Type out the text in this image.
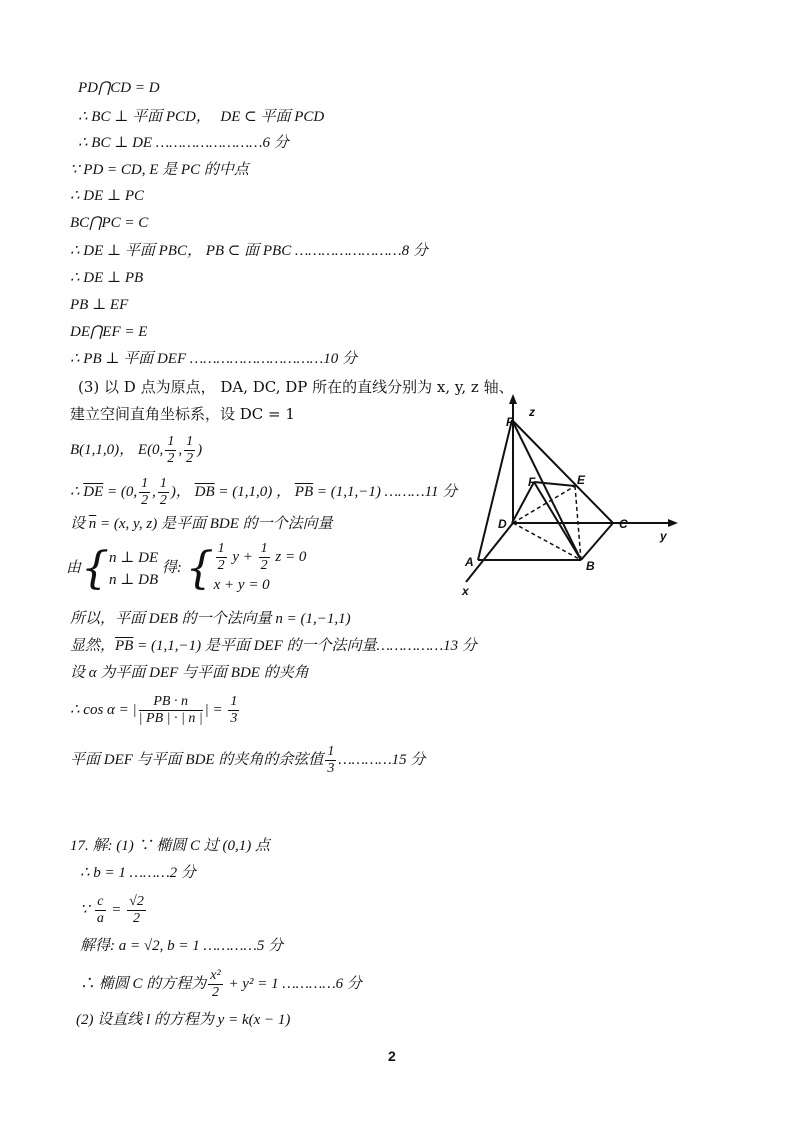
PD⋂CD = D
∴ BC ⊥ 平面 PCD， DE ⊂ 平面 PCD
∴ BC ⊥ DE ……………………6 分
∵ PD = CD, E 是 PC 的中点
∴ DE ⊥ PC
BC⋂PC = C
∴ DE ⊥ 平面 PBC， PB ⊂ 面 PBC ……………………8 分
∴ DE ⊥ PB
PB ⊥ EF
DE⋂EF = E
∴ PB ⊥ 平面 DEF …………………………10 分
(3) 以 D 点为原点， DA, DC, DP 所在的直线分别为 x, y, z 轴、
建立空间直角坐标系，设 DC = 1
B(1,1,0)， E(0, $\frac{1}{2}$ , $\frac{1}{2}$ )
∴ $\overline{DE} = (0$, $\frac{1}{2}$ , $\frac{1}{2}$ )， $\overline{DB} = (1,1,0)$ ， $\overline{PB} = (1,1,-1)$ ………11 分
设 $\overline{n} = (x$, y, z) 是平面 BDE 的一个法向量
由{ n ⊥ DE
n ⊥ DB
得: { $\frac{1}{2}$ $y + \frac{1}{2}$ z = 0
x + y = 0
所以，平面 DEB 的一个法向量 n = (1,−1,1)
显然，$\overline{PB} = (1,1,-1)$ 是平面 DEF 的一个法向量……………13 分
设 α 为平面 DEF 与平面 BDE 的夹角
∴ cos α = | $\frac{PB \cdot n}{| PB | \cdot | n |}$ | = $\frac{1}{3}$
平面 DEF 与平面 BDE 的夹角的余弦值 $\frac{1}{3}$ …………15 分
17. 解: (1) ∵ 椭圆 C 过 (0,1) 点
∴ b = 1 ………2 分
∵ $\frac{c}{a} = \frac{√2}{2}$
解得: a = √2, b = 1 …………5 分
∴ 椭圆 C 的方程为 $\frac{\text{x²}}{2} + y^2 = 1$ …………6 分
(2) 设直线 l 的方程为 y = k(x − 1)
P
z
F	E
D	C
y
A	B
x
2
